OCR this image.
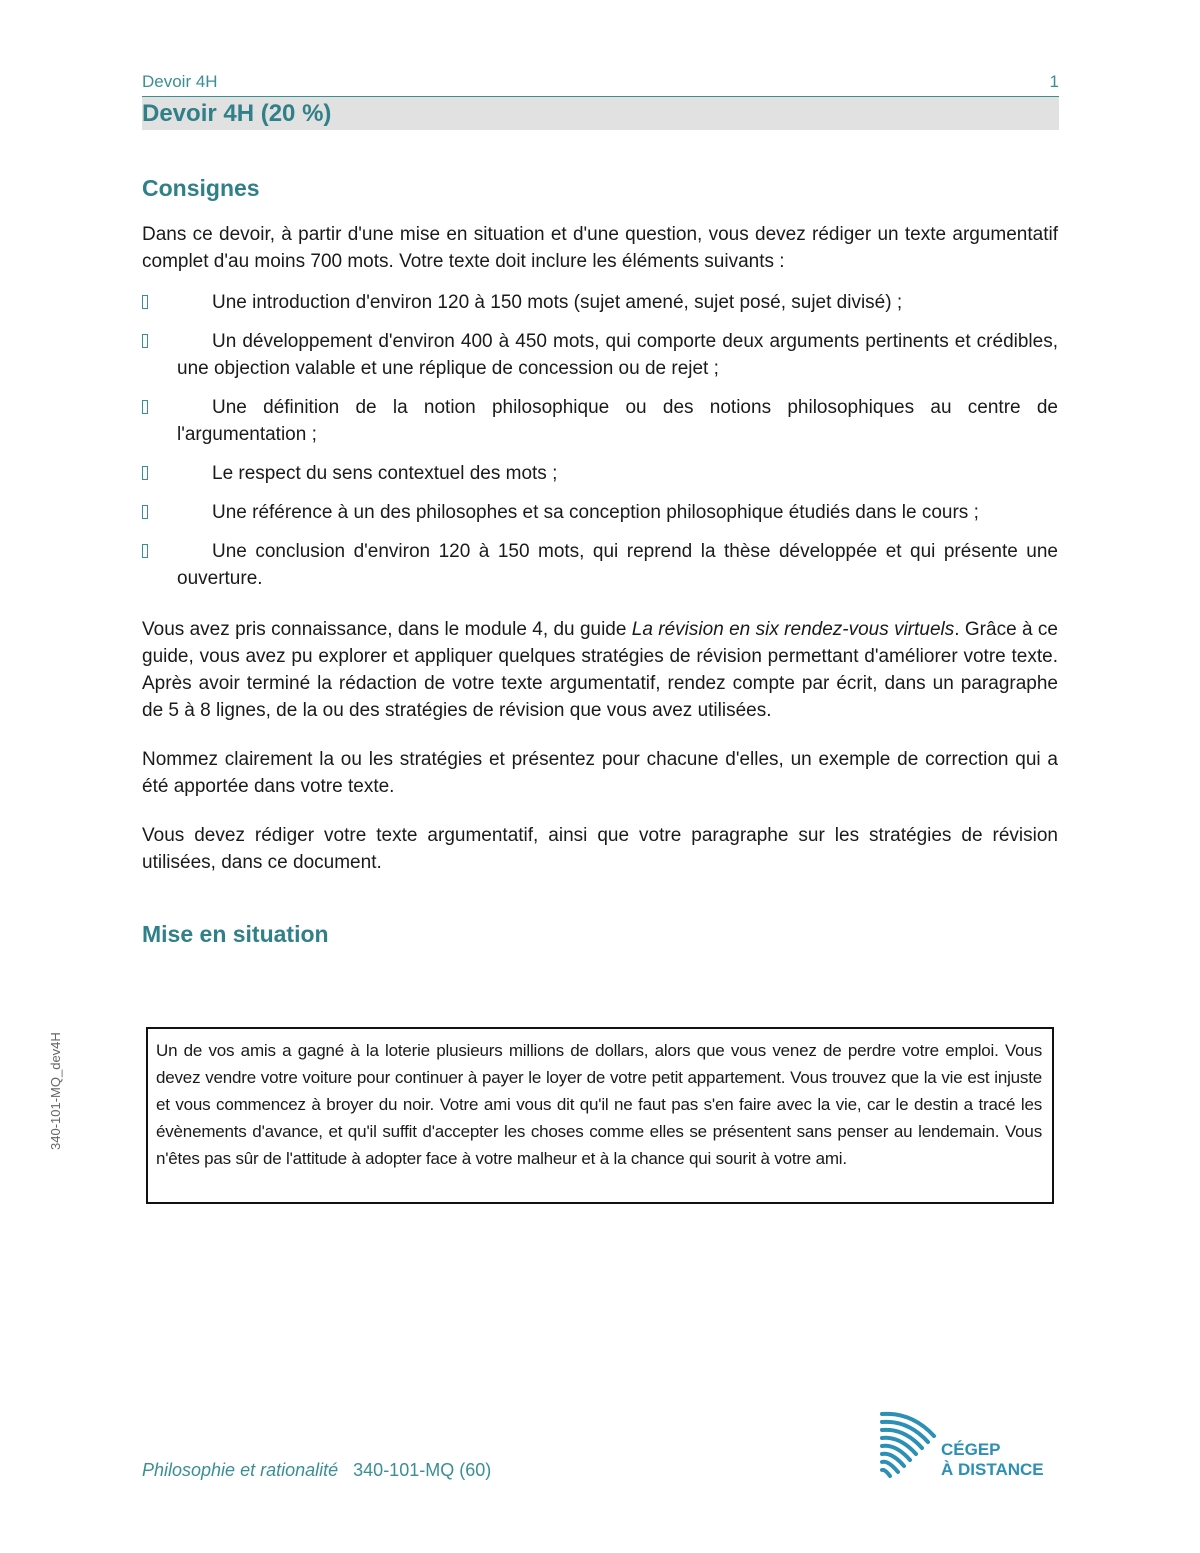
Devoir 4H	1
Devoir 4H (20 %)
Consignes

Dans ce devoir, à partir d'une mise en situation et d'une question, vous devez rédiger un texte argumentatif complet d'au moins 700 mots. Votre texte doit inclure les éléments suivants :

Une introduction d'environ 120 à 150 mots (sujet amené, sujet posé, sujet divisé) ;
Un développement d'environ 400 à 450 mots, qui comporte deux arguments pertinents et crédibles, une objection valable et une réplique de concession ou de rejet ;
Une définition de la notion philosophique ou des notions philosophiques au centre de l'argumentation ;
Le respect du sens contextuel des mots ;
Une référence à un des philosophes et sa conception philosophique étudiés dans le cours ;
Une conclusion d'environ 120 à 150 mots, qui reprend la thèse développée et qui présente une ouverture.

Vous avez pris connaissance, dans le module 4, du guide La révision en six rendez-vous virtuels. Grâce à ce guide, vous avez pu explorer et appliquer quelques stratégies de révision permettant d'améliorer votre texte. Après avoir terminé la rédaction de votre texte argumentatif, rendez compte par écrit, dans un paragraphe de 5 à 8 lignes, de la ou des stratégies de révision que vous avez utilisées.

Nommez clairement la ou les stratégies et présentez pour chacune d'elles, un exemple de correction qui a été apportée dans votre texte.

Vous devez rédiger votre texte argumentatif, ainsi que votre paragraphe sur les stratégies de révision utilisées, dans ce document.

Mise en situation

Un de vos amis a gagné à la loterie plusieurs millions de dollars, alors que vous venez de perdre votre emploi. Vous devez vendre votre voiture pour continuer à payer le loyer de votre petit appartement. Vous trouvez que la vie est injuste et vous commencez à broyer du noir. Votre ami vous dit qu'il ne faut pas s'en faire avec la vie, car le destin a tracé les évènements d'avance, et qu'il suffit d'accepter les choses comme elles se présentent sans penser au lendemain. Vous n'êtes pas sûr de l'attitude à adopter face à votre malheur et à la chance qui sourit à votre ami.

340-101-MQ_dev4H
Philosophie et rationalité 340-101-MQ (60)
CÉGEP
À DISTANCE
